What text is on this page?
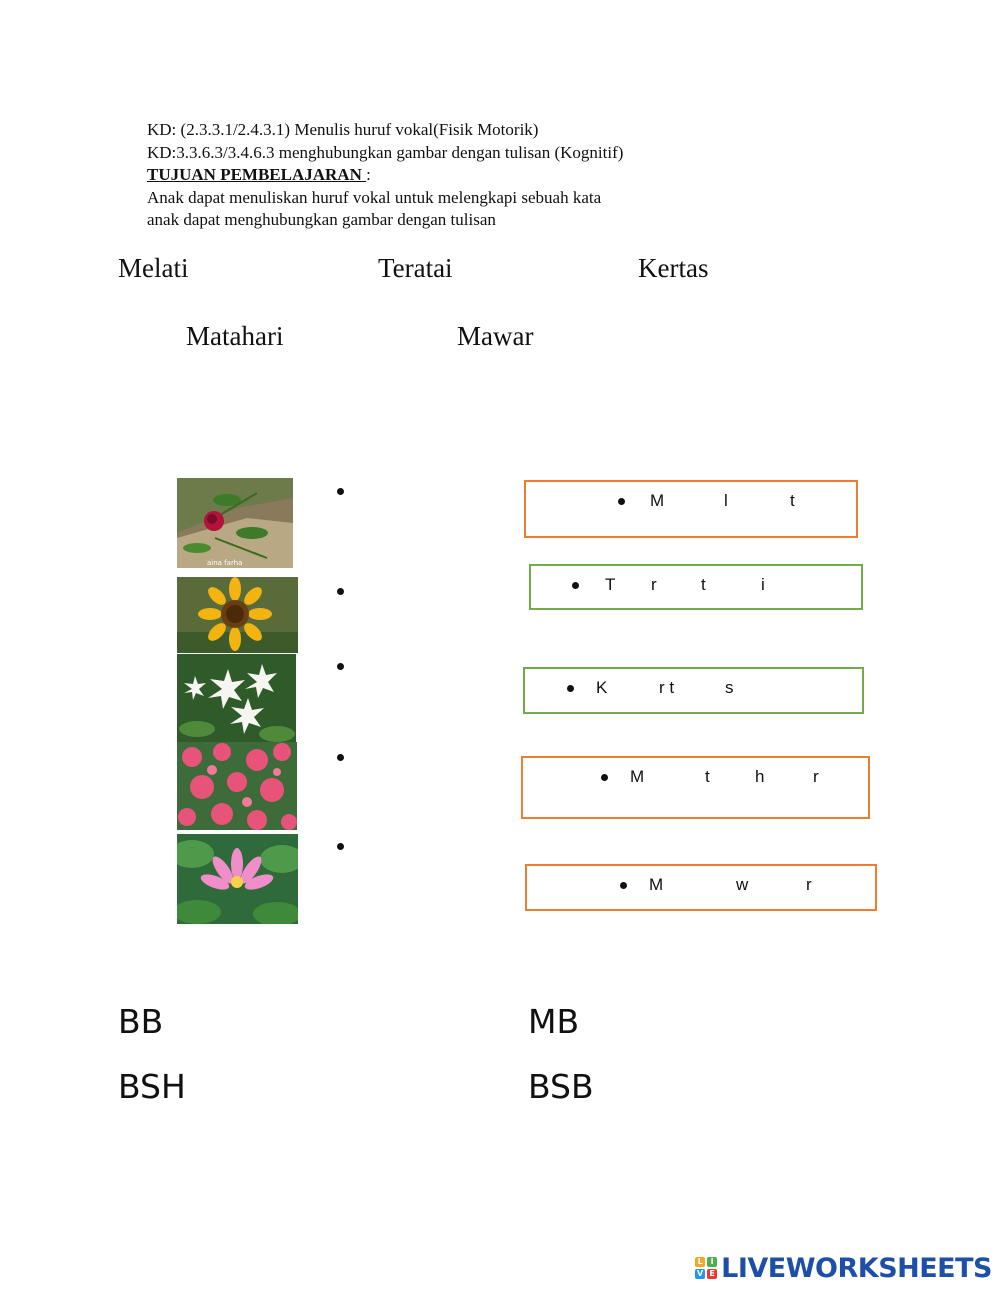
KD: (2.3.3.1/2.4.3.1) Menulis huruf vokal(Fisik Motorik)
KD:3.3.6.3/3.4.6.3 menghubungkan gambar dengan tulisan (Kognitif)
TUJUAN PEMBELAJARAN :
Anak dapat menuliskan huruf vokal untuk melengkapi sebuah kata
anak dapat menghubungkan gambar dengan tulisan
Melati	Teratai	Kertas
Matahari	Mawar
aina farha
M	l	t
T r	t	i
K	r t	s
M	t	h	r
M	w	r
BB
BSH
MB
BSB
L I
V E LIVEWORKSHEETS
